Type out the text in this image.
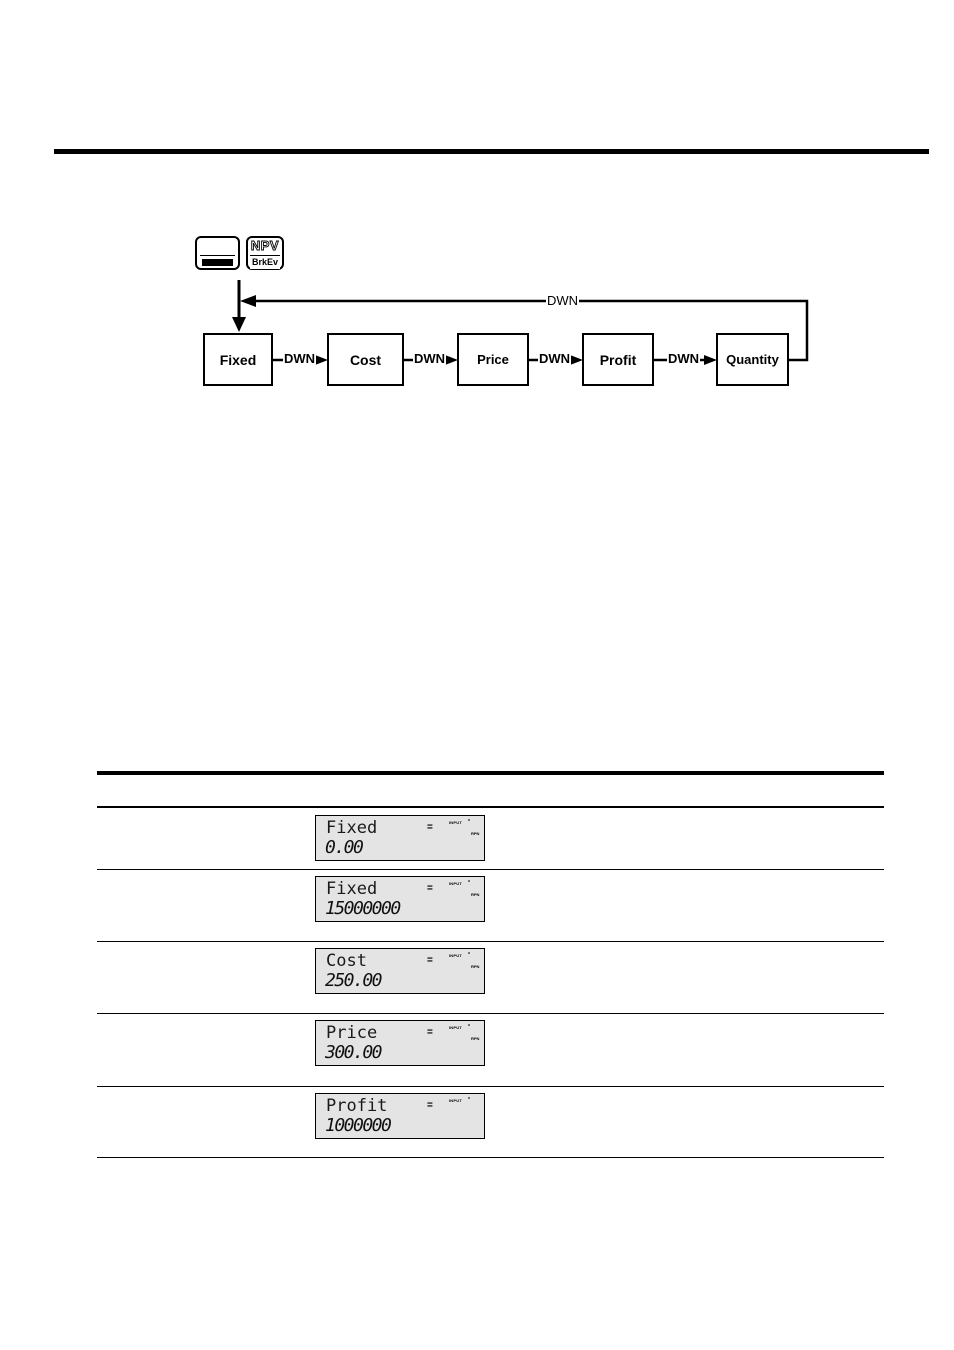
NPV
BrkEv
DWN
Fixed	Cost	Price	Profit	Quantity
DWN	DWN	DWN	DWN
Fixed
0.00
=	INPUT *
RPN
Fixed
15000000
=	INPUT *
RPN
Cost
250.00
=	INPUT *
RPN
Price
300.00
=	INPUT *
RPN
Profit
1000000
=	INPUT *
